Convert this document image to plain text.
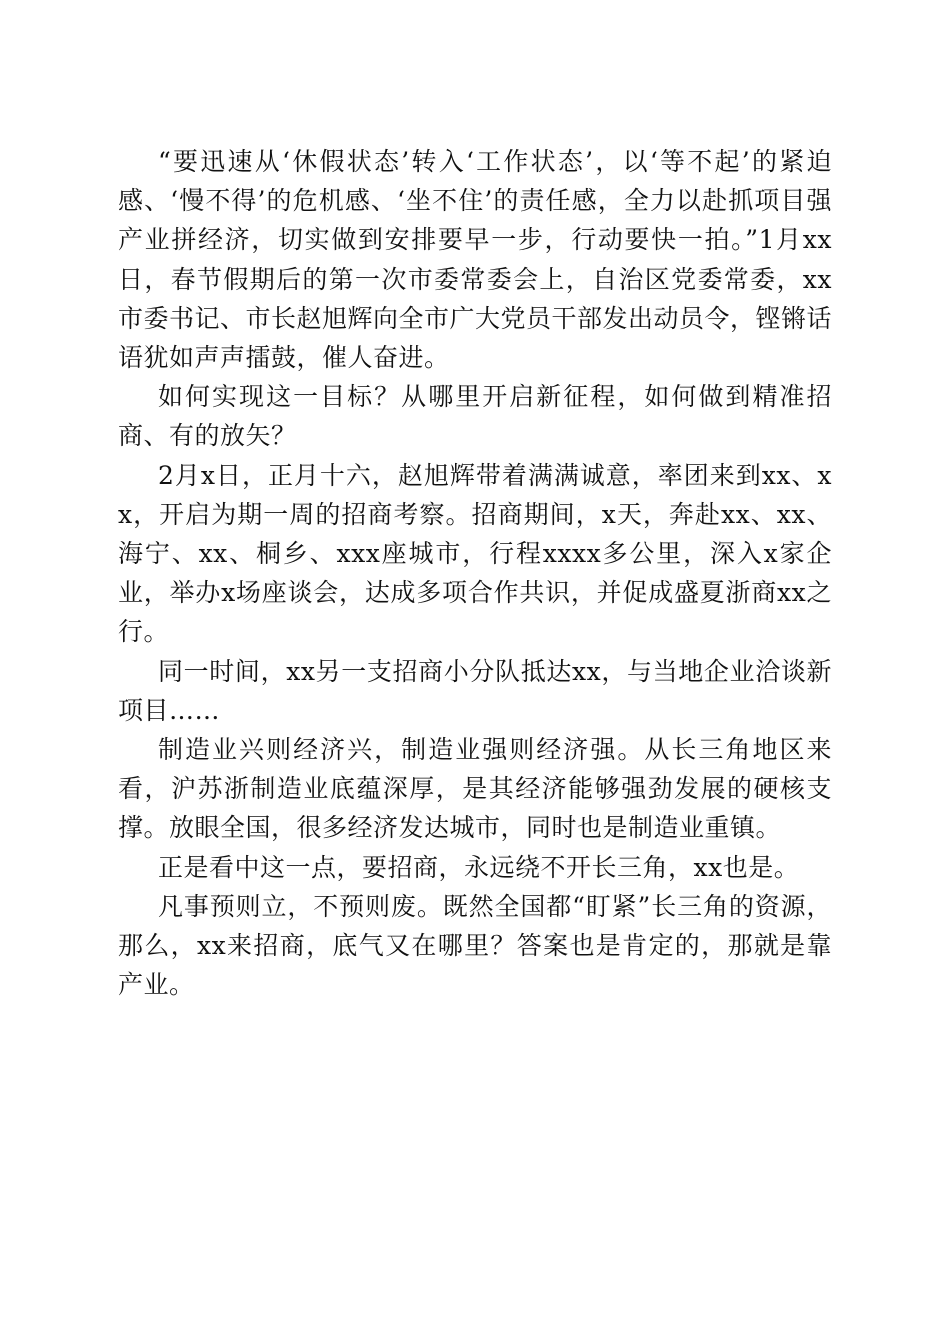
“要迅速从‘休假状态’转入‘工作状态’，以‘等不起’的紧迫感、‘慢不得’的危机感、‘坐不住’的责任感，全力以赴抓项目强产业拼经济，切实做到安排要早一步，行动要快一拍。”1月xx日，春节假期后的第一次市委常委会上，自治区党委常委，xx市委书记、市长赵旭辉向全市广大党员干部发出动员令，铿锵话语犹如声声擂鼓，催人奋进。

如何实现这一目标？从哪里开启新征程，如何做到精准招商、有的放矢？

2月x日，正月十六，赵旭辉带着满满诚意，率团来到xx、xx，开启为期一周的招商考察。招商期间，x天，奔赴xx、xx、海宁、xx、桐乡、xxx座城市，行程xxxx多公里，深入x家企业，举办x场座谈会，达成多项合作共识，并促成盛夏浙商xx之行。

同一时间，xx另一支招商小分队抵达xx，与当地企业洽谈新项目……

制造业兴则经济兴，制造业强则经济强。从长三角地区来看，沪苏浙制造业底蕴深厚，是其经济能够强劲发展的硬核支撑。放眼全国，很多经济发达城市，同时也是制造业重镇。

正是看中这一点，要招商，永远绕不开长三角，xx也是。

凡事预则立，不预则废。既然全国都“盯紧”长三角的资源，那么，xx来招商，底气又在哪里？答案也是肯定的，那就是靠产业。
